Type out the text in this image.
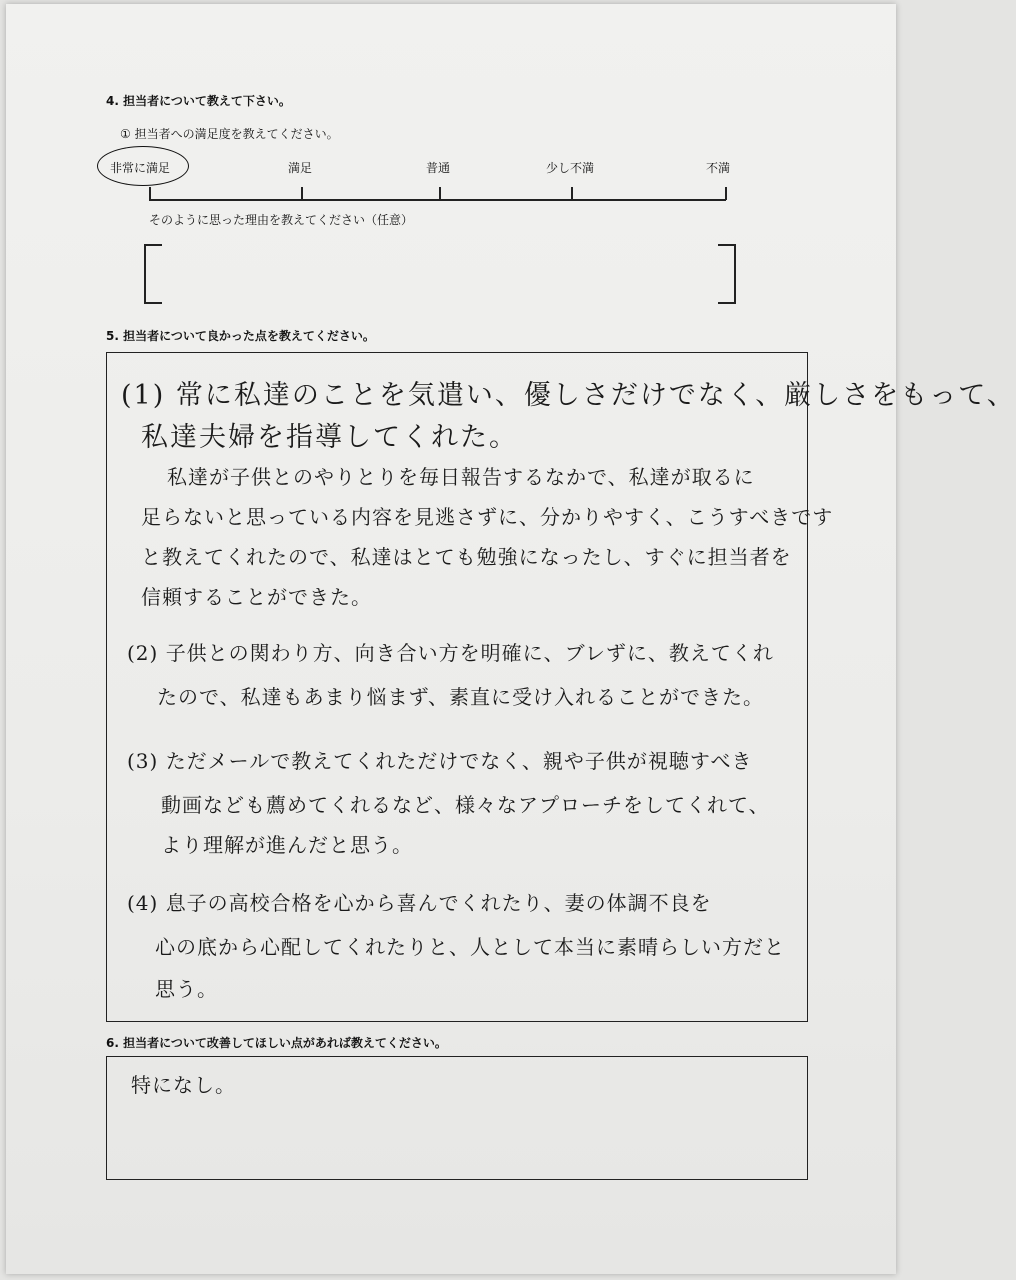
4. 担当者について教えて下さい。
① 担当者への満足度を教えてください。
非常に満足	満足	普通	少し不満	不満
そのように思った理由を教えてください（任意）
5. 担当者について良かった点を教えてください。
(1) 常に私達のことを気遣い、優しさだけでなく、厳しさをもって、
私達夫婦を指導してくれた。
私達が子供とのやりとりを毎日報告するなかで、私達が取るに
足らないと思っている内容を見逃さずに、分かりやすく、こうすべきです
と教えてくれたので、私達はとても勉強になったし、すぐに担当者を
信頼することができた。
(2) 子供との関わり方、向き合い方を明確に、ブレずに、教えてくれ
たので、私達もあまり悩まず、素直に受け入れることができた。
(3) ただメールで教えてくれただけでなく、親や子供が視聴すべき
動画なども薦めてくれるなど、様々なアプローチをしてくれて、
より理解が進んだと思う。
(4) 息子の高校合格を心から喜んでくれたり、妻の体調不良を
心の底から心配してくれたりと、人として本当に素晴らしい方だと
思う。
6. 担当者について改善してほしい点があれば教えてください。
特になし。
